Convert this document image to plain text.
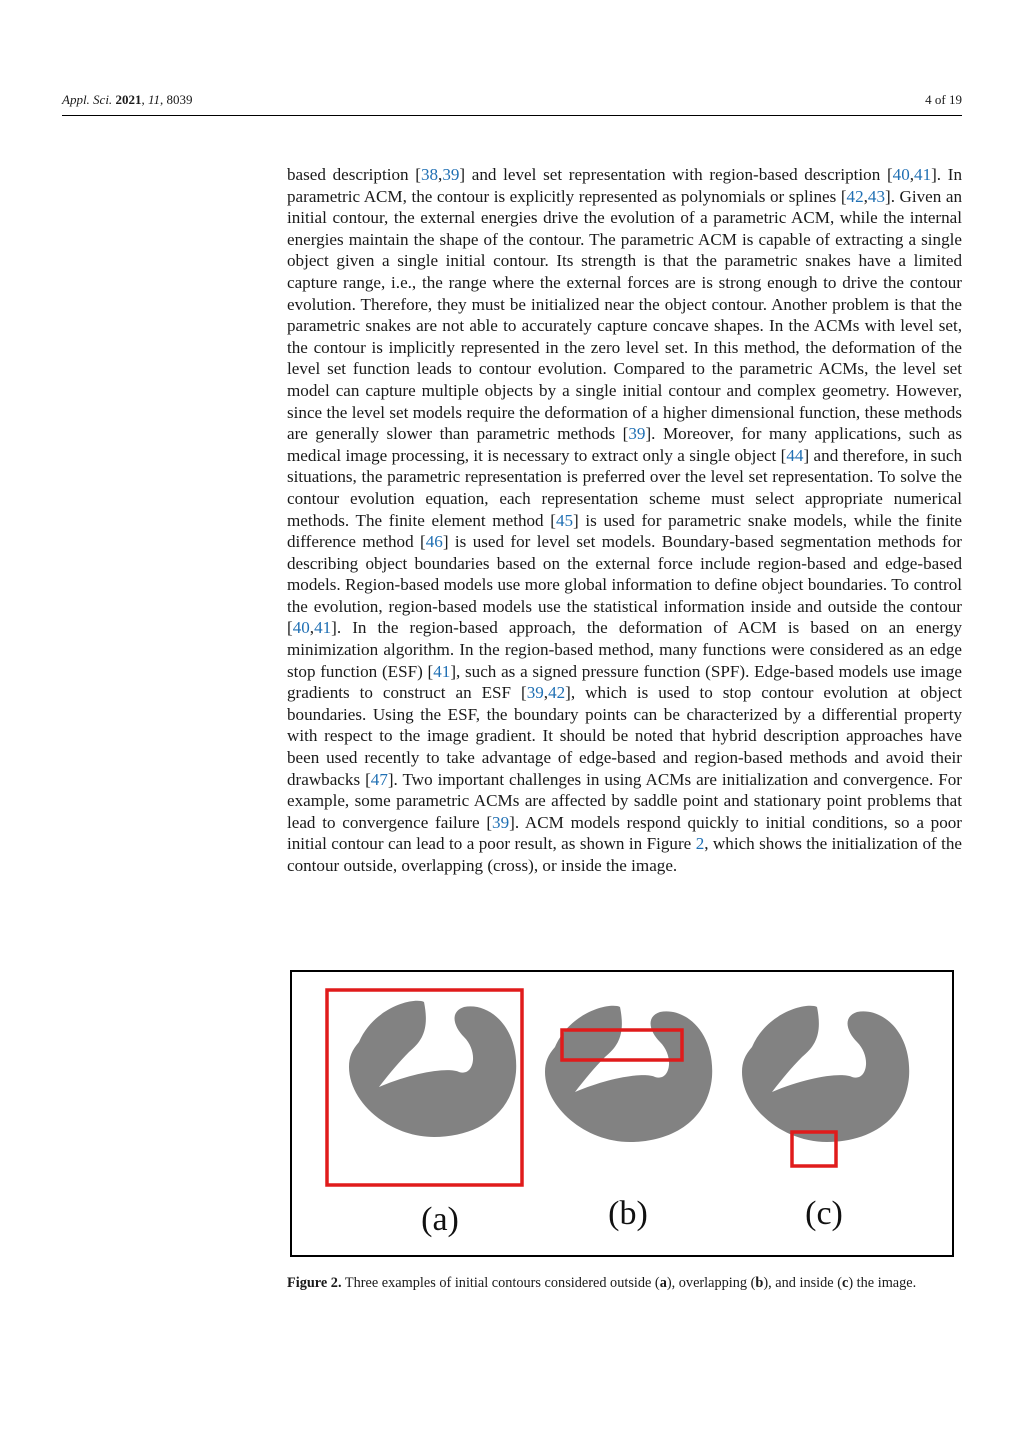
Appl. Sci. 2021, 11, 8039	4 of 19

based description [38,39] and level set representation with region-based description [40,41]. In parametric ACM, the contour is explicitly represented as polynomials or splines [42,43]. Given an initial contour, the external energies drive the evolution of a parametric ACM, while the internal energies maintain the shape of the contour. The parametric ACM is capable of extracting a single object given a single initial contour. Its strength is that the parametric snakes have a limited capture range, i.e., the range where the external forces are is strong enough to drive the contour evolution. Therefore, they must be initialized near the object contour. Another problem is that the parametric snakes are not able to accurately capture concave shapes. In the ACMs with level set, the contour is implicitly represented in the zero level set. In this method, the deformation of the level set function leads to contour evolution. Compared to the parametric ACMs, the level set model can capture multiple objects by a single initial contour and complex geometry. However, since the level set models require the deformation of a higher dimensional function, these methods are generally slower than parametric methods [39]. Moreover, for many applications, such as medical image processing, it is necessary to extract only a single object [44] and therefore, in such situations, the parametric representation is preferred over the level set representation. To solve the contour evolution equation, each representation scheme must select appropriate numerical methods. The finite element method [45] is used for parametric snake models, while the finite difference method [46] is used for level set models. Boundary-based segmentation methods for describing object boundaries based on the external force include region-based and edge-based models. Region-based models use more global information to define object boundaries. To control the evolution, region-based models use the statistical information inside and outside the contour [40,41]. In the region-based approach, the deformation of ACM is based on an energy minimization algorithm. In the region-based method, many functions were considered as an edge stop function (ESF) [41], such as a signed pressure function (SPF). Edge-based models use image gradients to construct an ESF [39,42], which is used to stop contour evolution at object boundaries. Using the ESF, the boundary points can be characterized by a differential property with respect to the image gradient. It should be noted that hybrid description approaches have been used recently to take advantage of edge-based and region-based methods and avoid their drawbacks [47]. Two important challenges in using ACMs are initialization and convergence. For example, some parametric ACMs are affected by saddle point and stationary point problems that lead to convergence failure [39]. ACM models respond quickly to initial conditions, so a poor initial contour can lead to a poor result, as shown in Figure 2, which shows the initialization of the contour outside, overlapping (cross), or inside the image.

(a)	(b)	(c)
Figure 2. Three examples of initial contours considered outside (a), overlapping (b), and inside (c) the image.
